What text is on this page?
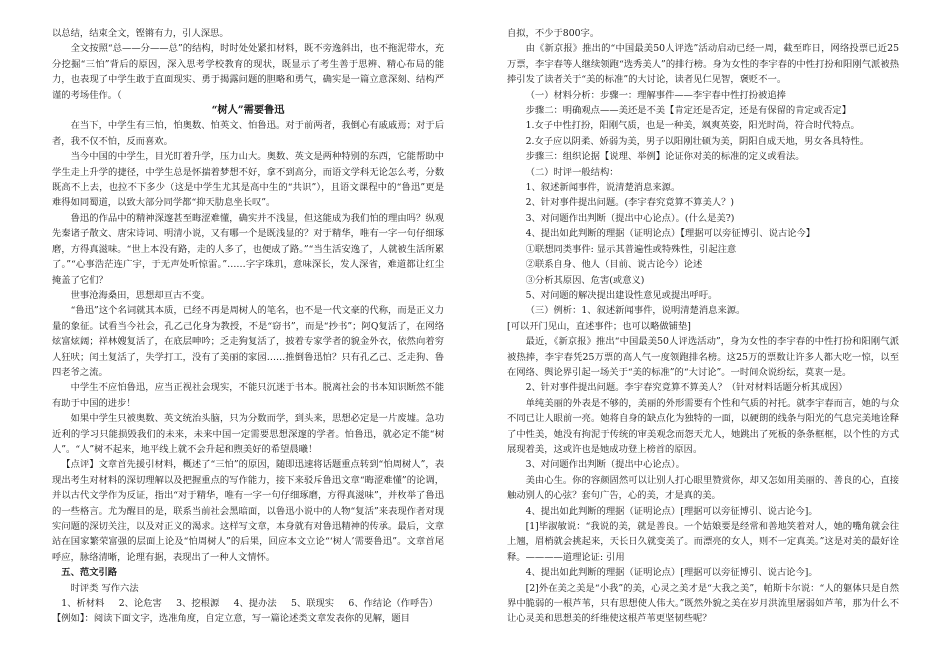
以总结，结束全文，铿锵有力，引人深思。

全文按照“总——分——总”的结构，时时处处紧扣材料，既不旁逸斜出，也不拖泥带水，充分挖掘“三怕”背后的原因，深入思考学校教育的现状，既显示了考生善于思辨、精心布局的能力，也表现了中学生敢于直面现实、勇于揭露问题的胆略和勇气，确实是一篇立意深刻、结构严谨的考场佳作。（

“树人”需要鲁迅

在当下，中学生有三怕，怕奥数、怕英文、怕鲁迅。对于前两者，我倒心有戚戚焉；对于后者，我不仅不怕，反而喜欢。

当今中国的中学生，目光盯着升学，压力山大。奥数、英文是两种特别的东西，它能帮助中学生走上升学的捷径，中学生总是怀揣着梦想不好，拿不到高分，而语文学科无论怎么考，分数既高不上去，也拉不下多少（这是中学生尤其是高中生的“共识”），且语文课程中的“鲁迅”更是难得如同蜀道，以致大部分同学都“抑天肋息坐长叹”。

鲁迅的作品中的精神深邃甚至晦涩难懂，确实并不浅显，但这能成为我们怕的理由吗？纵观先秦诸子散文、唐宋诗词、明清小说，又有哪一个是既浅显的？对于精华，唯有一字一句仔细琢磨，方得真滋味。“世上本没有路，走的人多了，也便成了路。”“当生活安逸了，人就被生活所累了。”“心事浩茫连广宇，于无声处听惊雷。”……字字珠玑，意味深长，发人深省，难道都让红尘掩盖了它们？

世事沧海桑田，思想却亘古不变。

“鲁迅”这个名词就其本质，已经不再是周树人的笔名，也不是一代文豪的代称，而是正义力量的象征。试看当今社会，孔乙己化身为教授，不是“窃书”，而是“抄书”；阿Q复活了，在网络炫富炫阔；祥林嫂复活了，在底层呻吟；乏走狗复活了，披着专家学者的貌金外衣，依然向着穷人狂吠；闰土复活了，失学打工，没有了美丽的家园……推倒鲁迅怕？只有孔乙己、乏走狗、鲁四老爷之流。

中学生不应怕鲁迅，应当正视社会现实，不能只沉迷于书本。脱离社会的书本知识断然不能有助于中国的进步！

如果中学生只被奥数、英文统治头脑，只为分数而学，到头来，思想必定是一片废墟。急功近利的学习只能损毁我们的未来，未来中国一定需要思想深邃的学者。怕鲁迅，就必定不能“树人”。“人”树不起来，地平线上就不会升起和煦美好的希望晨曦！

【点评】文章首先援引材料，概述了“三怕”的原因，随即迅速将话题重点转到“怕周树人”，表现出考生对材料的深切理解以及把握重点的写作能力，接下来驳斥鲁迅文章“晦涩难懂”的论调，并以古代文学作为反证，指出“对于精华，唯有一字一句仔细琢磨，方得真滋味”，并枚举了鲁迅的一些格言。尤为醒目的是，联系当前社会黑暗面，以鲁迅小说中的人物“复活”来表现作者对现实问题的深切关注，以及对正义的渴求。这样写文章，本身就有对鲁迅精神的传承。最后，文章站在国家繁荣富强的层面上论及“怕周树人”的后果，回应本文立论“‘树人’需要鲁迅”。文章首尾呼应，脉络清晰，论理有据，表现出了一种人文情怀。

五、范文引路

时评类 写作六法

1、析材料 2、论危害 3、挖根源 4、提办法 5、联现实 6、作结论（作呼告）

【例如】：阅读下面文字，选准角度，自定立意，写一篇论述类文章发表你的见解，题目

自拟，不少于800字。

由《新京报》推出的“中国最美50人评选”活动启动已经一周，截至昨日，网络投票已近25万票，李宇春等人继续领跑“选秀美人”的排行榜。身为女性的李宇春的中性打扮和阳刚气派被热捧引发了读者关于“美的标准”的大讨论，读者见仁见智，褒贬不一。

（一）材料分析：步骤一：理解事件——李宇春中性打扮被追捧

步骤二：明确观点——美还是不美【肯定还是否定，还是有保留的肯定或否定】

1.女子中性打扮，阳刚气质，也是一种美，飒爽英姿，阳光时尚，符合时代特点。

2.女子应以阴柔、娇弱为美，男子以阳刚壮硕为美，阴阳自成天地，男女各具特性。

步骤三：组织论据【说理、举例】论证你对美的标准的定义或看法。

（二）时评一般结构：

1、叙述新闻事件，说清楚消息来源。

2、针对事件提出问题。(李宇春究竟算不算美人？)

3、对问题作出判断（提出中心论点）。(什么是美?)

4、提出如此判断的理据（证明论点）【理据可以旁征博引、说古论今】

①联想同类事件: 显示其普遍性或特殊性，引起注意

②联系自身、他人（目前、说古论今）论述

③分析其原因、危害(或意义)

5、对问题的解决提出建设性意见或提出呼吁。

（三）例析：1、叙述新闻事件，说明清楚消息来源。

[可以开门见山，直述事件；也可以略做铺垫]

最近，《新京报》推出“中国最美50人评选活动”，身为女性的李宇春的中性打扮和阳刚气派被热捧，李宇春凭25万票的高人气一度领跑排名榜。这25万的票数让许多人都大吃一惊，以至在网络、舆论界引起一场关于“美的标准”的“大讨论”。一时间众说纷纭，莫衷一是。

2、针对事件提出问题。李宇春究竟算不算美人？（针对材料话题分析其成因）

单纯美丽的外表是不够的，美丽的外形需要有个性和气质的衬托。就李宇春而言，她的与众不同已让人眼前一亮。她将自身的缺点化为独特的一面，以硬朗的线条与阳光的气息完美地诠释了中性美，她没有拘泥于传统的审美观念而怨天尤人，她跳出了死板的条条框框，以个性的方式展现着美，这或许也是她成功登上榜首的原因。

3、对问题作出判断（提出中心论点）。

美由心生。你的容颜固然可以让别人打心眼里赞赏你，却又怎如用美丽的、善良的心，直接触动别人的心弦？套句广告，心的美，才是真的美。

4、提出如此判断的理据（证明论点）[理据可以旁征博引、说古论今]。

[1]毕淑敏说：“我说的美，就是善良。一个姑娘要是经常和善地笑着对人，她的嘴角就会往上翘，眉梢就会挑起来，天长日久就变美了。而漂亮的女人，则不一定真美。”这是对美的最好诠释。————道理论证: 引用

4、提出如此判断的理据（证明论点）[理据可以旁征博引、说古论今]。

[2]外在美之美是“小我”的美，心灵之美才是“大我之美”，帕斯卡尔说：“人的躯体只是自然界中脆弱的一根芦苇，只有思想使人伟大。”既然外貌之美在岁月洪流里屠弱如芦苇，那为什么不让心灵美和思想美的纤维使这根芦苇更坚韧些呢？
